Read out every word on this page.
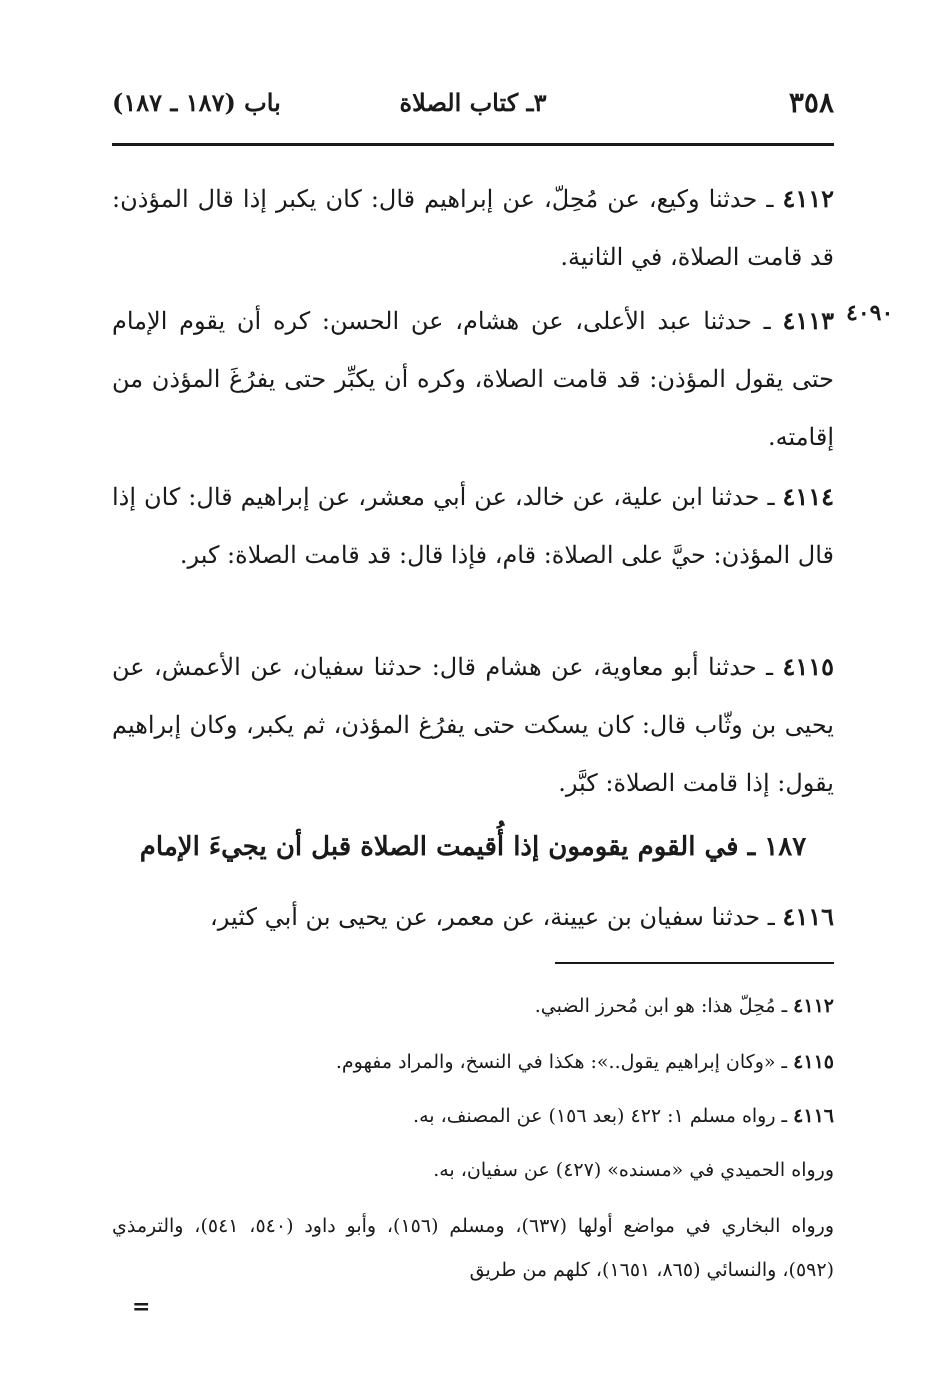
٣٥٨
٣ـ كتاب الصلاة
باب (١٨٧ ـ ١٨٧)
٤٠٩٠
٤١١٢ ـ حدثنا وكيع، عن مُحِلّ، عن إبراهيم قال: كان يكبر إذا قال المؤذن: قد قامت الصلاة، في الثانية.
٤١١٣ ـ حدثنا عبد الأعلى، عن هشام، عن الحسن: كره أن يقوم الإمام حتى يقول المؤذن: قد قامت الصلاة، وكره أن يكبِّر حتى يفرُغَ المؤذن من إقامته.
٤١١٤ ـ حدثنا ابن علية، عن خالد، عن أبي معشر، عن إبراهيم قال: كان إذا قال المؤذن: حيَّ على الصلاة: قام، فإذا قال: قد قامت الصلاة: كبر.
٤١١٥ ـ حدثنا أبو معاوية، عن هشام قال: حدثنا سفيان، عن الأعمش، عن يحيى بن وثّاب قال: كان يسكت حتى يفرُغ المؤذن، ثم يكبر، وكان إبراهيم يقول: إذا قامت الصلاة: كبَّر.
١٨٧ ـ في القوم يقومون إذا أُقيمت الصلاة قبل أن يجيءَ الإمام
٤١١٦ ـ حدثنا سفيان بن عيينة، عن معمر، عن يحيى بن أبي كثير،
٤١١٢ ـ مُحِلّ هذا: هو ابن مُحرز الضبي.
٤١١٥ ـ «وكان إبراهيم يقول..»: هكذا في النسخ، والمراد مفهوم.
٤١١٦ ـ رواه مسلم ١: ٤٢٢ (بعد ١٥٦) عن المصنف، به.
ورواه الحميدي في «مسنده» (٤٢٧) عن سفيان، به.
ورواه البخاري في مواضع أولها (٦٣٧)، ومسلم (١٥٦)، وأبو داود (٥٤٠، ٥٤١)، والترمذي (٥٩٢)، والنسائي (٨٦٥، ١٦٥١)، كلهم من طريق
=
